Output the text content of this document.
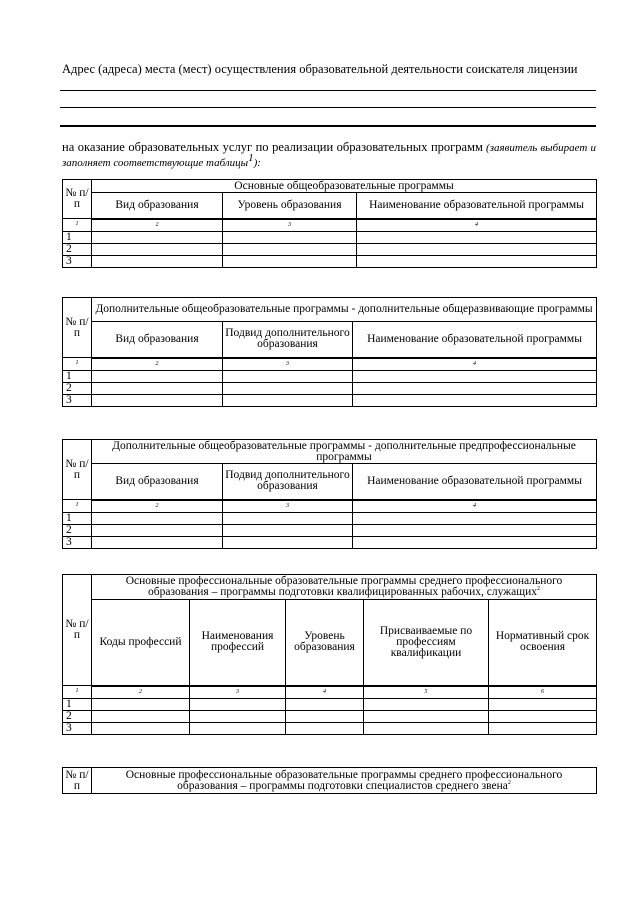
Адрес (адреса) места (мест) осуществления образовательной деятельности соискателя лицензии
на оказание образовательных услуг по реализации образовательных программ (заявитель выбирает и заполняет соответствующие таблицы$^1$):
№ п/п	Основные общеобразовательные программы		
	Вид образования	Уровень образования	Наименование образовательной программы
1	2	3	4
1			
2			
3			
№ п/п	Дополнительные общеобразовательные программы - дополнительные общеразвивающие программы		
	Вид образования	Подвид дополнительного образования	Наименование образовательной программы
1	2	3	4
1			
2			
3			
№ п/п	Дополнительные общеобразовательные программы - дополнительные предпрофессиональные программы		
	Вид образования	Подвид дополнительного образования	Наименование образовательной программы
1	2	3	4
1			
2			
3			
№ п/п	Основные профессиональные образовательные программы среднего профессионального образования – программы подготовки квалифицированных рабочих, служащих$^2$
	Коды профессий	Наименования профессий	Уровень образования	Присваиваемые по профессиям квалификации	Нормативный срок освоения
1	2	3	4	5	6
1					
2					
3					
№ п/п	Основные профессиональные образовательные программы среднего профессионального образования – программы подготовки специалистов среднего звена$^2$
